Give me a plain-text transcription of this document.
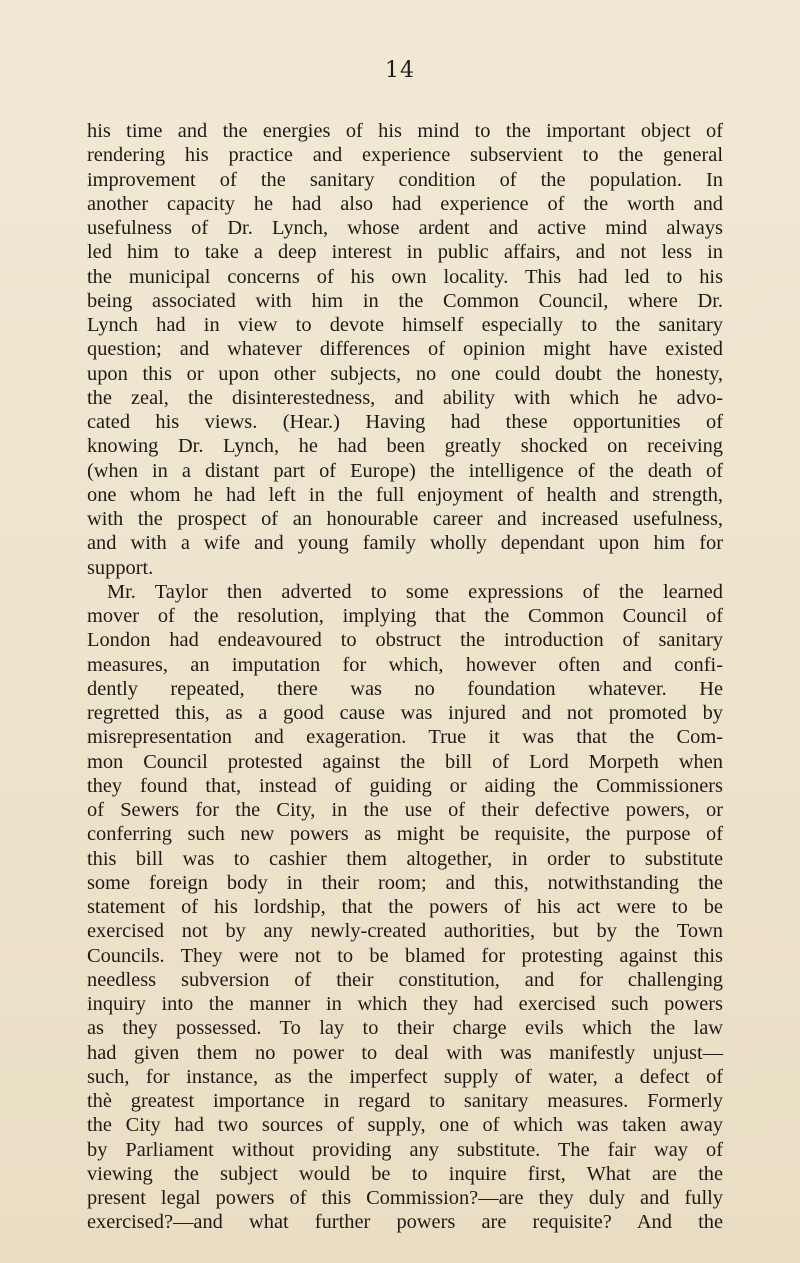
14
his time and the energies of his mind to the important object of
rendering his practice and experience subservient to the general
improvement of the sanitary condition of the population. In
another capacity he had also had experience of the worth and
usefulness of Dr. Lynch, whose ardent and active mind always
led him to take a deep interest in public affairs, and not less in
the municipal concerns of his own locality. This had led to his
being associated with him in the Common Council, where Dr.
Lynch had in view to devote himself especially to the sanitary
question; and whatever differences of opinion might have existed
upon this or upon other subjects, no one could doubt the honesty,
the zeal, the disinterestedness, and ability with which he advo-
cated his views. (Hear.) Having had these opportunities of
knowing Dr. Lynch, he had been greatly shocked on receiving
(when in a distant part of Europe) the intelligence of the death of
one whom he had left in the full enjoyment of health and strength,
with the prospect of an honourable career and increased usefulness,
and with a wife and young family wholly dependant upon him for
support.
Mr. Taylor then adverted to some expressions of the learned
mover of the resolution, implying that the Common Council of
London had endeavoured to obstruct the introduction of sanitary
measures, an imputation for which, however often and confi-
dently repeated, there was no foundation whatever. He
regretted this, as a good cause was injured and not promoted by
misrepresentation and exageration. True it was that the Com-
mon Council protested against the bill of Lord Morpeth when
they found that, instead of guiding or aiding the Commissioners
of Sewers for the City, in the use of their defective powers, or
conferring such new powers as might be requisite, the purpose of
this bill was to cashier them altogether, in order to substitute
some foreign body in their room; and this, notwithstanding the
statement of his lordship, that the powers of his act were to be
exercised not by any newly-created authorities, but by the Town
Councils. They were not to be blamed for protesting against this
needless subversion of their constitution, and for challenging
inquiry into the manner in which they had exercised such powers
as they possessed. To lay to their charge evils which the law
had given them no power to deal with was manifestly unjust—
such, for instance, as the imperfect supply of water, a defect of
thè greatest importance in regard to sanitary measures. Formerly
the City had two sources of supply, one of which was taken away
by Parliament without providing any substitute. The fair way of
viewing the subject would be to inquire first, What are the
present legal powers of this Commission?—are they duly and fully
exercised?—and what further powers are requisite? And the
